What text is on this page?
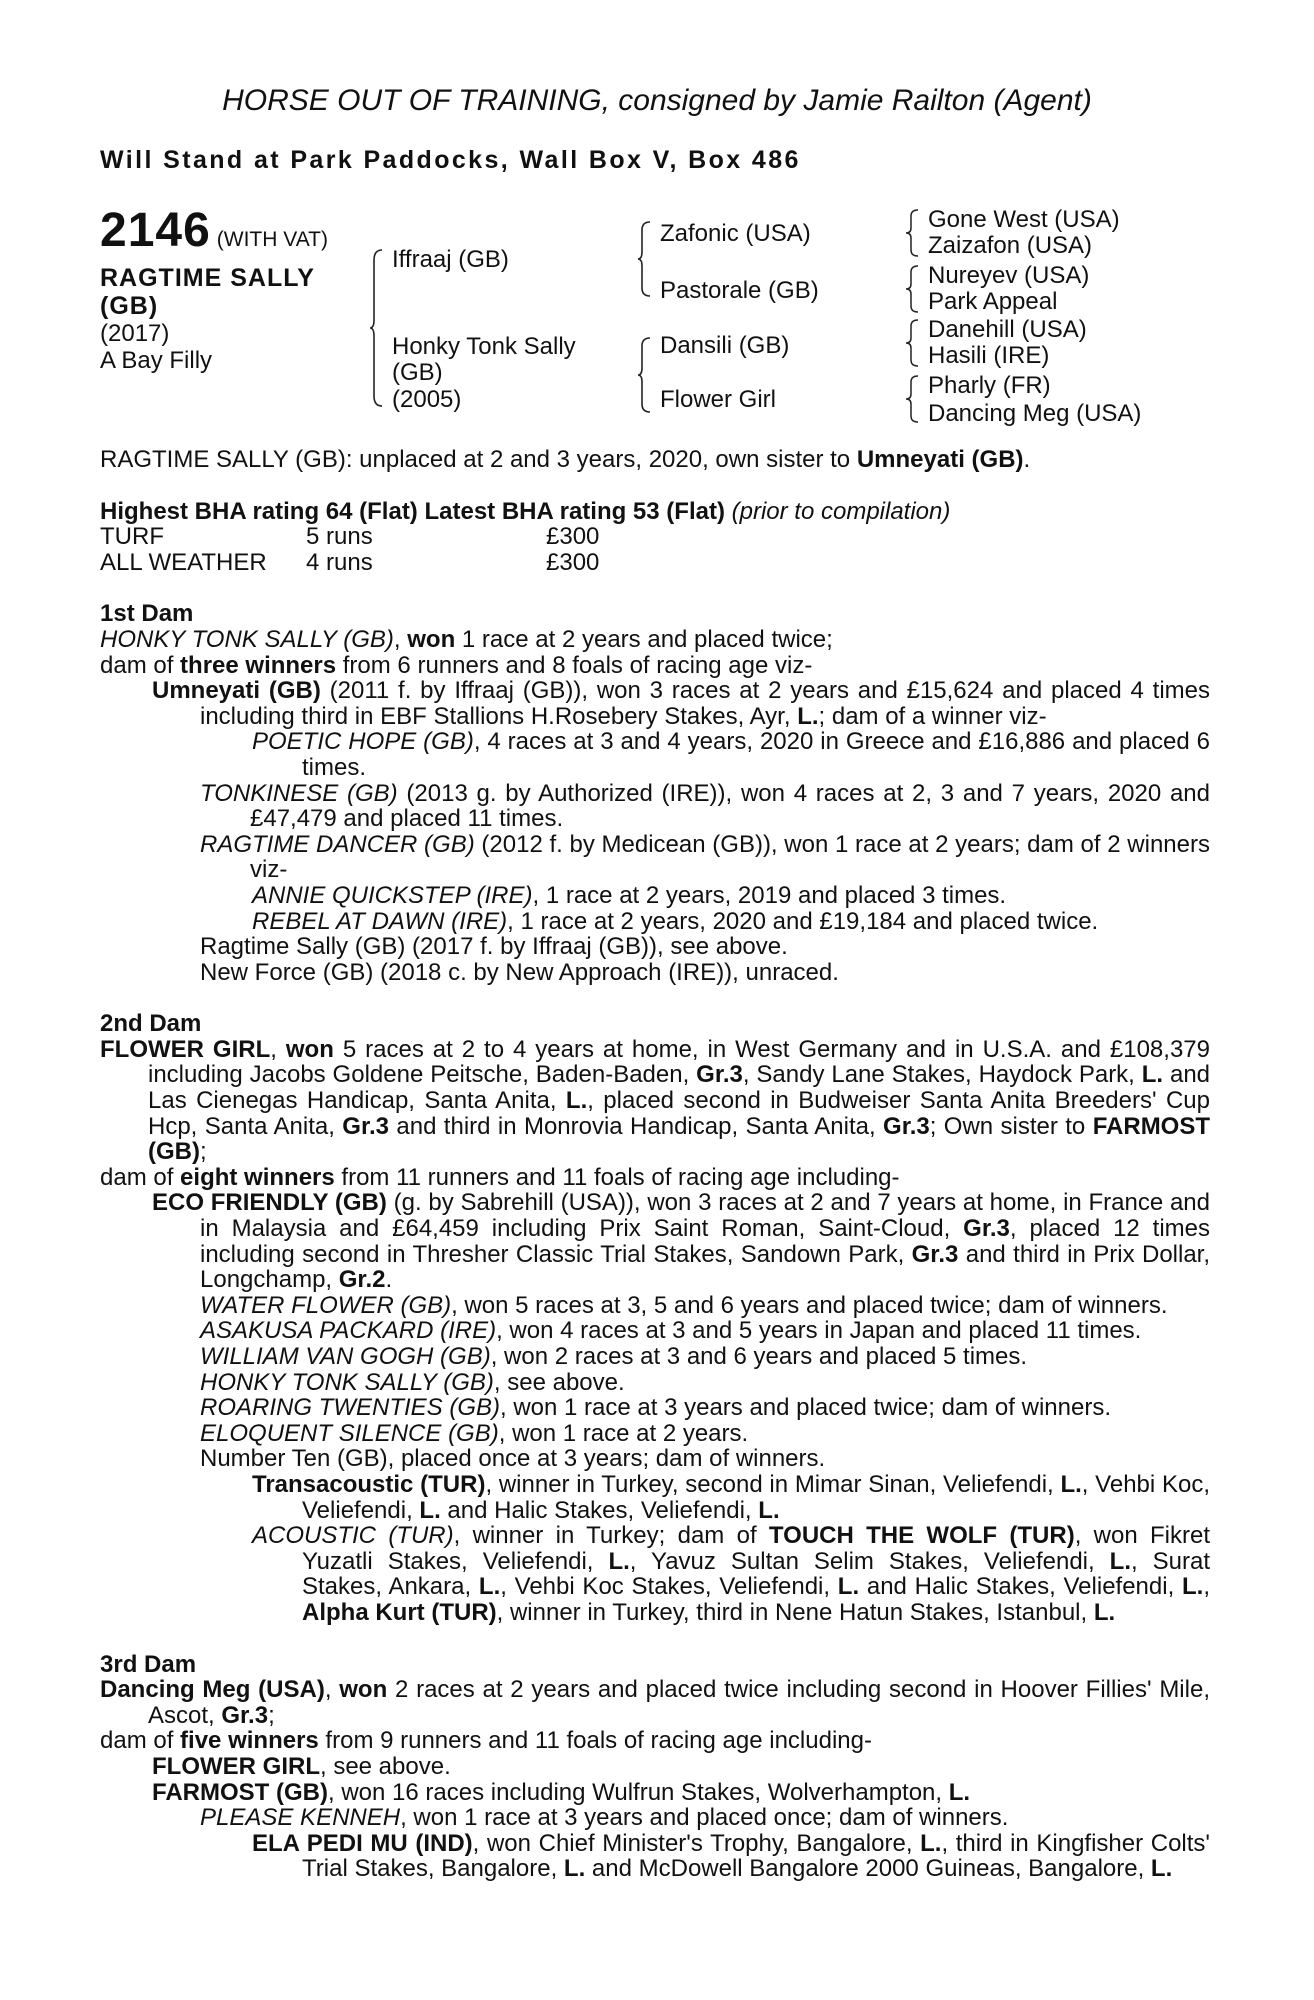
HORSE OUT OF TRAINING, consigned by Jamie Railton (Agent)
Will Stand at Park Paddocks, Wall Box V, Box 486
2146 (WITH VAT)
RAGTIME SALLY
(GB)
(2017)
A Bay Filly
Iffraaj (GB)
Honky Tonk Sally
(GB)
(2005)
Zafonic (USA)
Pastorale (GB)
Dansili (GB)
Flower Girl
Gone West (USA)
Zaizafon (USA)
Nureyev (USA)
Park Appeal
Danehill (USA)
Hasili (IRE)
Pharly (FR)
Dancing Meg (USA)

RAGTIME SALLY (GB): unplaced at 2 and 3 years, 2020, own sister to Umneyati (GB).

Highest BHA rating 64 (Flat) Latest BHA rating 53 (Flat) (prior to compilation)

TURF	5 runs	£300
ALL WEATHER	4 runs	£300

1st Dam

HONKY TONK SALLY (GB), won 1 race at 2 years and placed twice;

dam of three winners from 6 runners and 8 foals of racing age viz-

Umneyati (GB) (2011 f. by Iffraaj (GB)), won 3 races at 2 years and £15,624 and placed 4 times including third in EBF Stallions H.Rosebery Stakes, Ayr, L.; dam of a winner viz-

POETIC HOPE (GB), 4 races at 3 and 4 years, 2020 in Greece and £16,886 and placed 6 times.

TONKINESE (GB) (2013 g. by Authorized (IRE)), won 4 races at 2, 3 and 7 years, 2020 and £47,479 and placed 11 times.

RAGTIME DANCER (GB) (2012 f. by Medicean (GB)), won 1 race at 2 years; dam of 2 winners viz-

ANNIE QUICKSTEP (IRE), 1 race at 2 years, 2019 and placed 3 times.

REBEL AT DAWN (IRE), 1 race at 2 years, 2020 and £19,184 and placed twice.

Ragtime Sally (GB) (2017 f. by Iffraaj (GB)), see above.

New Force (GB) (2018 c. by New Approach (IRE)), unraced.

2nd Dam

FLOWER GIRL, won 5 races at 2 to 4 years at home, in West Germany and in U.S.A. and £108,379 including Jacobs Goldene Peitsche, Baden-Baden, Gr.3, Sandy Lane Stakes, Haydock Park, L. and Las Cienegas Handicap, Santa Anita, L., placed second in Budweiser Santa Anita Breeders' Cup Hcp, Santa Anita, Gr.3 and third in Monrovia Handicap, Santa Anita, Gr.3; Own sister to FARMOST (GB);

dam of eight winners from 11 runners and 11 foals of racing age including-

ECO FRIENDLY (GB) (g. by Sabrehill (USA)), won 3 races at 2 and 7 years at home, in France and in Malaysia and £64,459 including Prix Saint Roman, Saint-Cloud, Gr.3, placed 12 times including second in Thresher Classic Trial Stakes, Sandown Park, Gr.3 and third in Prix Dollar, Longchamp, Gr.2.

WATER FLOWER (GB), won 5 races at 3, 5 and 6 years and placed twice; dam of winners.

ASAKUSA PACKARD (IRE), won 4 races at 3 and 5 years in Japan and placed 11 times.

WILLIAM VAN GOGH (GB), won 2 races at 3 and 6 years and placed 5 times.

HONKY TONK SALLY (GB), see above.

ROARING TWENTIES (GB), won 1 race at 3 years and placed twice; dam of winners.

ELOQUENT SILENCE (GB), won 1 race at 2 years.

Number Ten (GB), placed once at 3 years; dam of winners.

Transacoustic (TUR), winner in Turkey, second in Mimar Sinan, Veliefendi, L., Vehbi Koc, Veliefendi, L. and Halic Stakes, Veliefendi, L.

ACOUSTIC (TUR), winner in Turkey; dam of TOUCH THE WOLF (TUR), won Fikret Yuzatli Stakes, Veliefendi, L., Yavuz Sultan Selim Stakes, Veliefendi, L., Surat Stakes, Ankara, L., Vehbi Koc Stakes, Veliefendi, L. and Halic Stakes, Veliefendi, L., Alpha Kurt (TUR), winner in Turkey, third in Nene Hatun Stakes, Istanbul, L.

3rd Dam

Dancing Meg (USA), won 2 races at 2 years and placed twice including second in Hoover Fillies' Mile, Ascot, Gr.3;

dam of five winners from 9 runners and 11 foals of racing age including-

FLOWER GIRL, see above.

FARMOST (GB), won 16 races including Wulfrun Stakes, Wolverhampton, L.

PLEASE KENNEH, won 1 race at 3 years and placed once; dam of winners.

ELA PEDI MU (IND), won Chief Minister's Trophy, Bangalore, L., third in Kingfisher Colts' Trial Stakes, Bangalore, L. and McDowell Bangalore 2000 Guineas, Bangalore, L.
